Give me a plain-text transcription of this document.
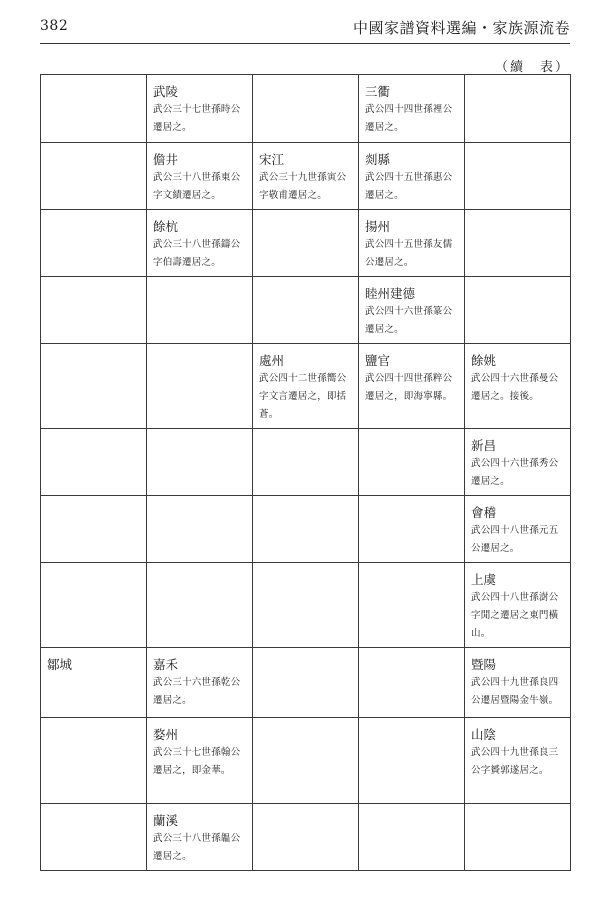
382	中國家譜資料選編・家族源流卷
（續　表）

	武陵
武公三十七世孫時公遷居之。		三衢
武公四十四世孫裡公遷居之。	

	儋井
武公三十八世孫東公字文績遷居之。	宋江
武公三十九世孫寅公字敬甫遷居之。	剡縣
武公四十五世孫惠公遷居之。	

	餘杭
武公三十八世孫鑄公字伯壽遷居之。		揚州
武公四十五世孫友儒公遷居之。	

			睦州建德
武公四十六世孫篆公遷居之。	

		處州
武公四十二世孫嚮公字文言遷居之，即括蒼。	鹽官
武公四十四世孫粹公遷居之，即海寧縣。	餘姚
武公四十六世孫曼公遷居之。接後。

				新昌
武公四十六世孫秀公遷居之。

				會稽
武公四十八世孫元五公遷居之。

				上虞
武公四十八世孫澍公字閒之遷居之東門橫山。

鄒城	嘉禾
武公三十六世孫乾公遷居之。			暨陽
武公四十九世孫良四公遷居暨陽金牛嶺。

	婺州
武公三十七世孫翰公遷居之，即金華。			山陰
武公四十九世孫良三公字贇郭遂居之。

	蘭溪
武公三十八世孫韞公遷居之。			
